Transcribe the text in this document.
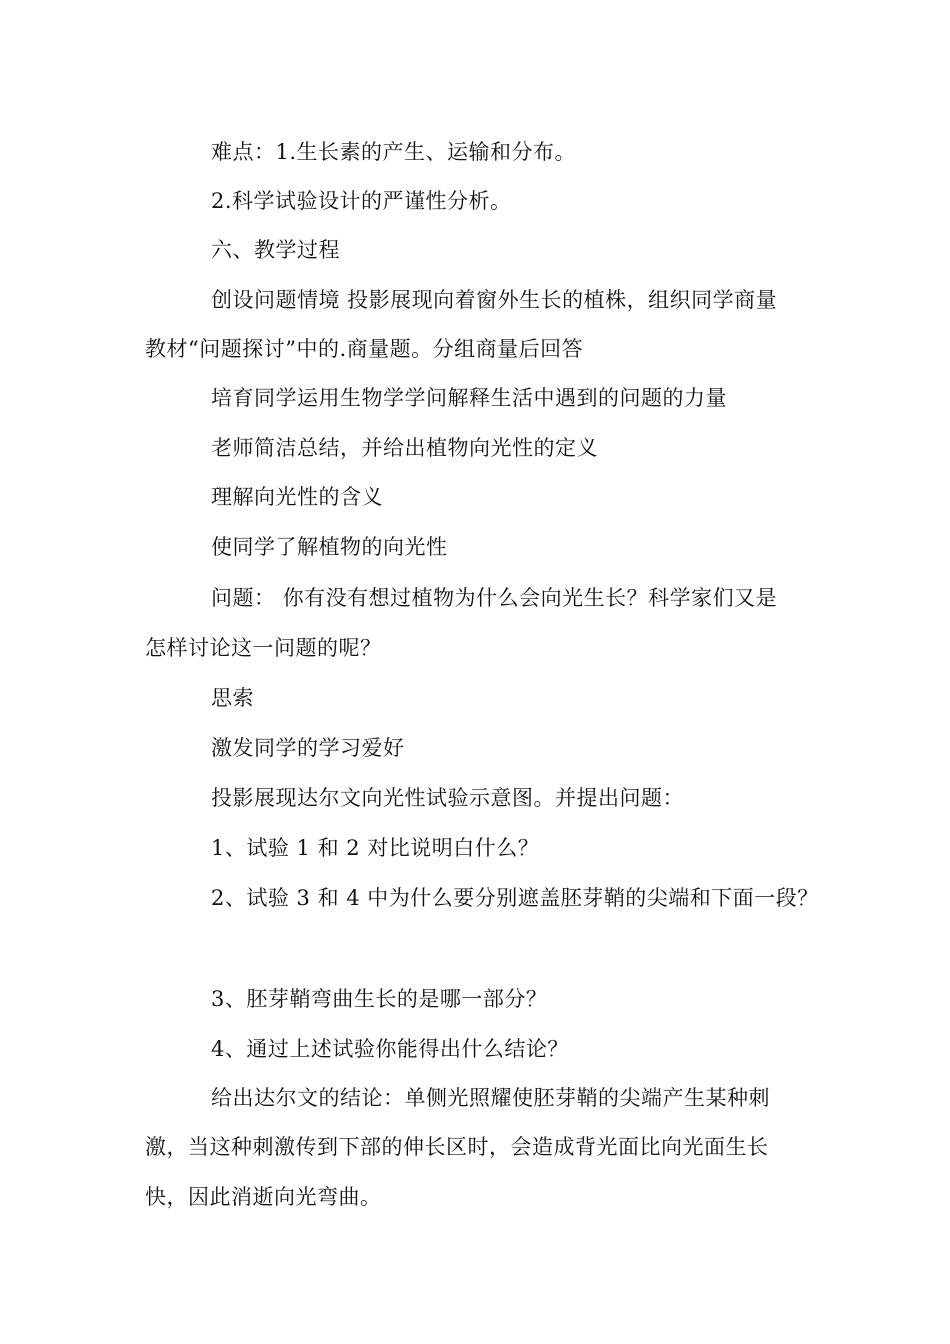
难点：1.生长素的产生、运输和分布。
2.科学试验设计的严谨性分析。
六、教学过程
创设问题情境 投影展现向着窗外生长的植株，组织同学商量
教材“问题探讨”中的.商量题。分组商量后回答
培育同学运用生物学学问解释生活中遇到的问题的力量
老师简洁总结，并给出植物向光性的定义
理解向光性的含义
使同学了解植物的向光性
问题： 你有没有想过植物为什么会向光生长？科学家们又是
怎样讨论这一问题的呢？
思索
激发同学的学习爱好
投影展现达尔文向光性试验示意图。并提出问题：
1、试验 1 和 2 对比说明白什么？
2、试验 3 和 4 中为什么要分别遮盖胚芽鞘的尖端和下面一段？
3、胚芽鞘弯曲生长的是哪一部分？
4、通过上述试验你能得出什么结论？
给出达尔文的结论：单侧光照耀使胚芽鞘的尖端产生某种刺
激，当这种刺激传到下部的伸长区时，会造成背光面比向光面生长
快，因此消逝向光弯曲。
